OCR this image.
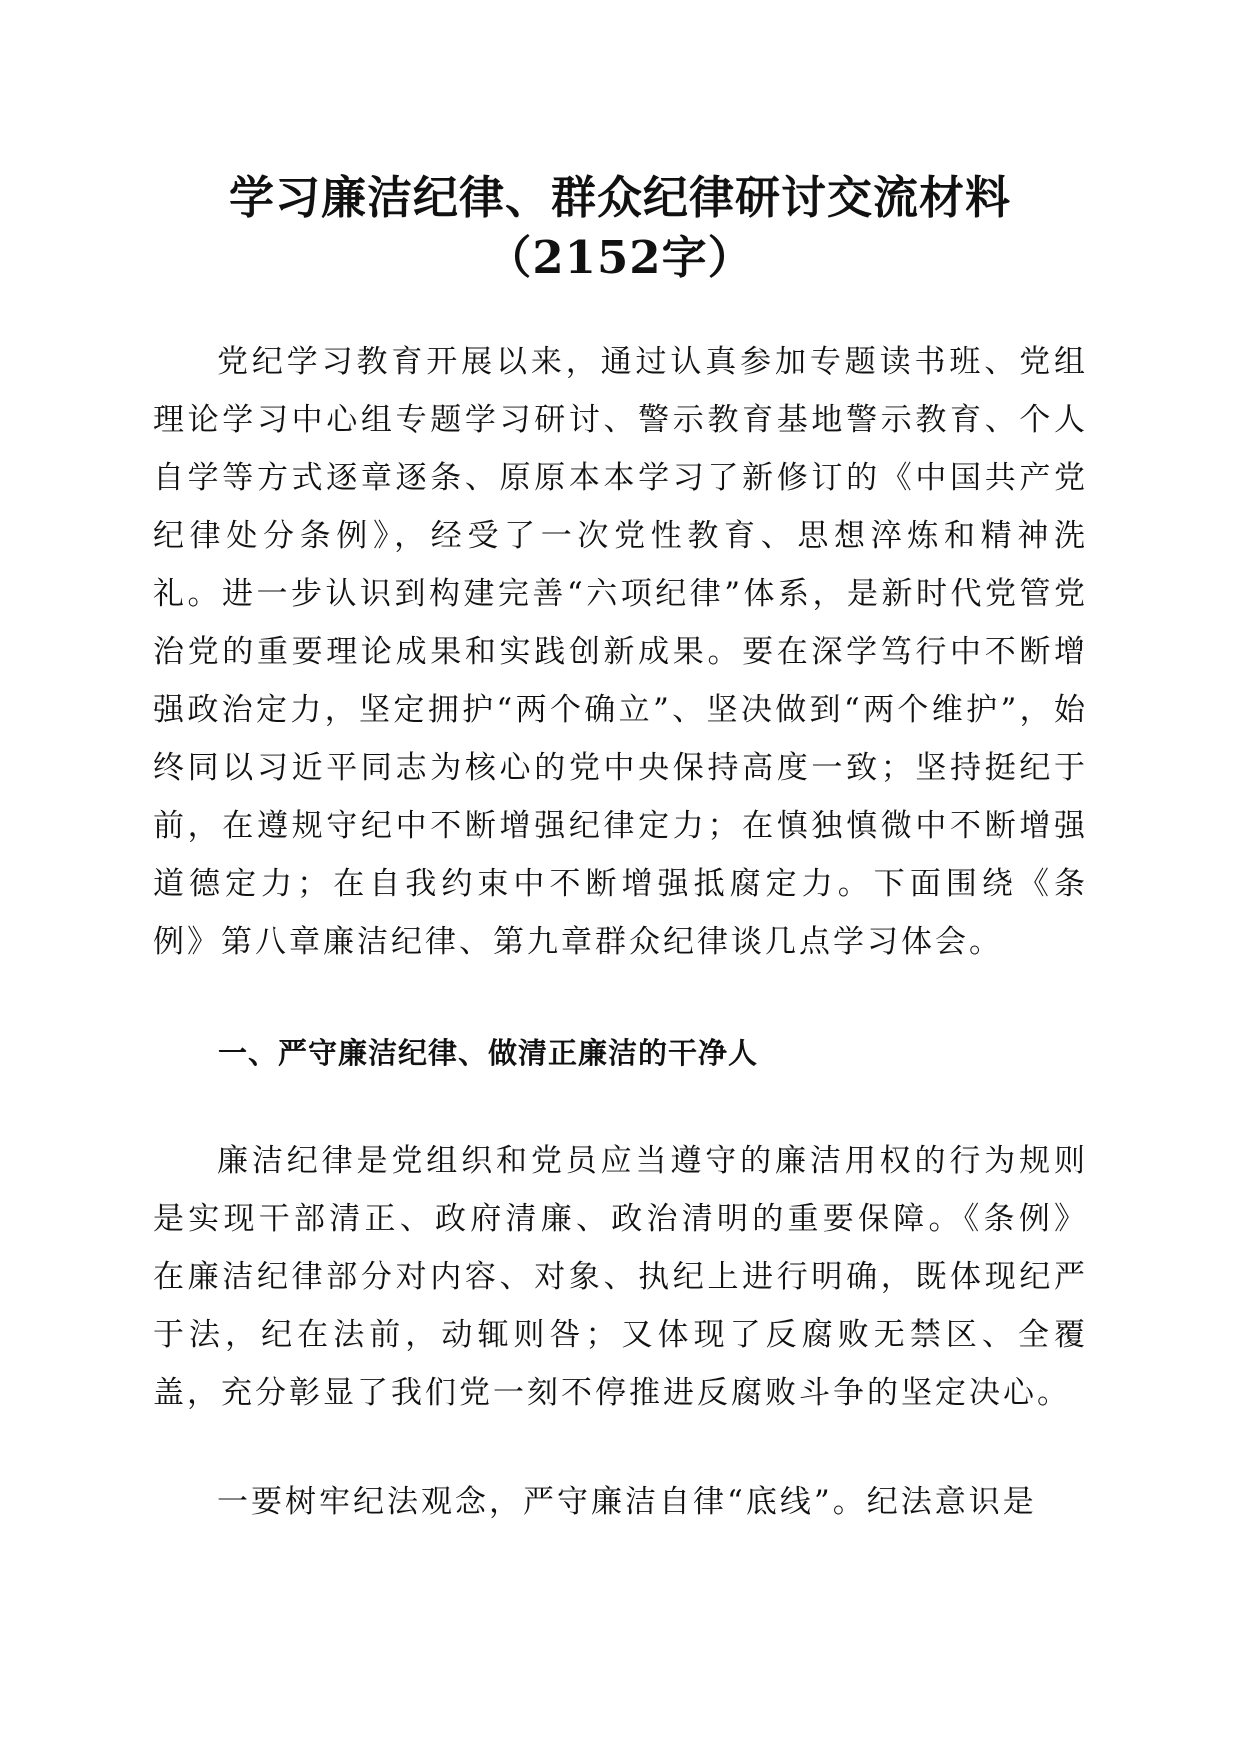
学习廉洁纪律、群众纪律研讨交流材料（2152字）

党纪学习教育开展以来，通过认真参加专题读书班、党组理论学习中心组专题学习研讨、警示教育基地警示教育、个人自学等方式逐章逐条、原原本本学习了新修订的《中国共产党纪律处分条例》，经受了一次党性教育、思想淬炼和精神洗礼。进一步认识到构建完善“六项纪律”体系，是新时代党管党治党的重要理论成果和实践创新成果。要在深学笃行中不断增强政治定力，坚定拥护“两个确立”、坚决做到“两个维护”，始终同以习近平同志为核心的党中央保持高度一致；坚持挺纪于前，在遵规守纪中不断增强纪律定力；在慎独慎微中不断增强道德定力；在自我约束中不断增强抵腐定力。下面围绕《条例》第八章廉洁纪律、第九章群众纪律谈几点学习体会。

一、严守廉洁纪律、做清正廉洁的干净人

廉洁纪律是党组织和党员应当遵守的廉洁用权的行为规则是实现干部清正、政府清廉、政治清明的重要保障。《条例》在廉洁纪律部分对内容、对象、执纪上进行明确，既体现纪严于法，纪在法前，动辄则咎；又体现了反腐败无禁区、全覆盖，充分彰显了我们党一刻不停推进反腐败斗争的坚定决心。

一要树牢纪法观念，严守廉洁自律“底线”。纪法意识是
